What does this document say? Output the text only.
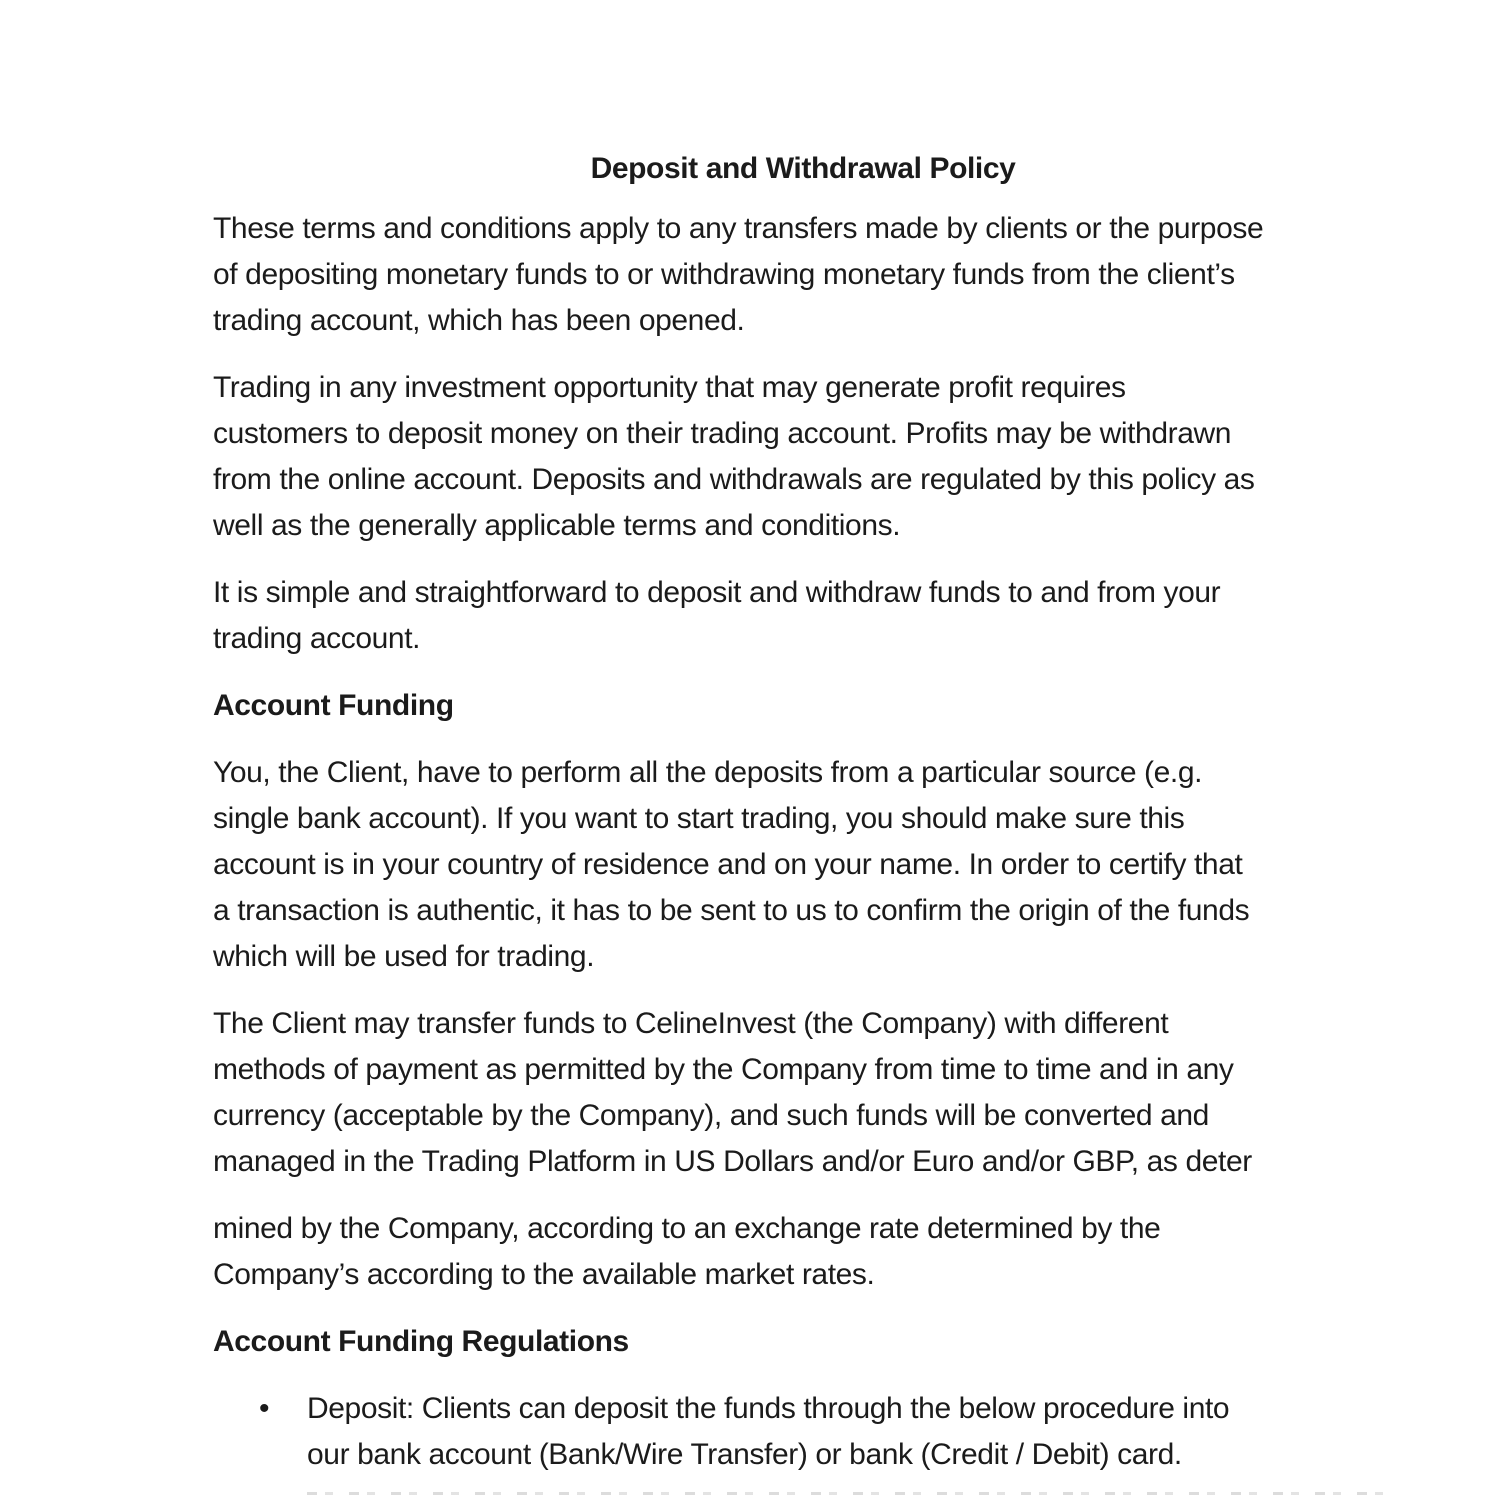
Deposit and Withdrawal Policy
These terms and conditions apply to any transfers made by clients or the purpose
of depositing monetary funds to or withdrawing monetary funds from the client’s
trading account, which has been opened.
Trading in any investment opportunity that may generate profit requires
customers to deposit money on their trading account. Profits may be withdrawn
from the online account. Deposits and withdrawals are regulated by this policy as
well as the generally applicable terms and conditions.
It is simple and straightforward to deposit and withdraw funds to and from your
trading account.
Account Funding
You, the Client, have to perform all the deposits from a particular source (e.g.
single bank account). If you want to start trading, you should make sure this
account is in your country of residence and on your name. In order to certify that
a transaction is authentic, it has to be sent to us to confirm the origin of the funds
which will be used for trading.
The Client may transfer funds to CelineInvest (the Company) with different
methods of payment as permitted by the Company from time to time and in any
currency (acceptable by the Company), and such funds will be converted and
managed in the Trading Platform in US Dollars and/or Euro and/or GBP, as deter
mined by the Company, according to an exchange rate determined by the
Company’s according to the available market rates.
Account Funding Regulations
•	Deposit: Clients can deposit the funds through the below procedure into
our bank account (Bank/Wire Transfer) or bank (Credit / Debit) card.
